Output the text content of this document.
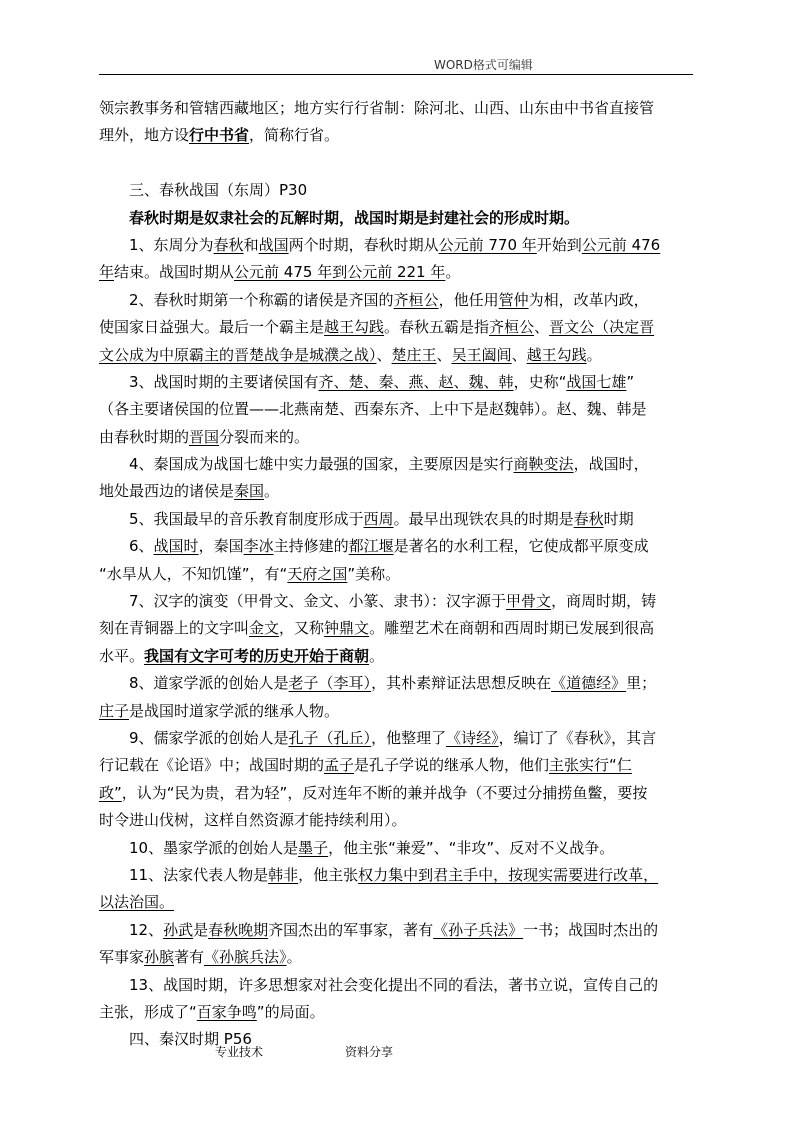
WORD格式可编辑
领宗教事务和管辖西藏地区；地方实行行省制：除河北、山西、山东由中书省直接管
理外，地方设行中书省，简称行省。
三、春秋战国（东周）P30
春秋时期是奴隶社会的瓦解时期，战国时期是封建社会的形成时期。
1、东周分为春秋和战国两个时期，春秋时期从公元前 770 年开始到公元前 476
年结束。战国时期从公元前 475 年到公元前 221 年。
2、春秋时期第一个称霸的诸侯是齐国的齐桓公，他任用管仲为相，改革内政，
使国家日益强大。最后一个霸主是越王勾践。春秋五霸是指齐桓公、晋文公（决定晋
文公成为中原霸主的晋楚战争是城濮之战）、楚庄王、吴王阖闾、越王勾践。
3、战国时期的主要诸侯国有齐、楚、秦、燕、赵、魏、韩，史称“战国七雄”
（各主要诸侯国的位置——北燕南楚、西秦东齐、上中下是赵魏韩）。赵、魏、韩是
由春秋时期的晋国分裂而来的。
4、秦国成为战国七雄中实力最强的国家，主要原因是实行商鞅变法，战国时，
地处最西边的诸侯是秦国。
5、我国最早的音乐教育制度形成于西周。最早出现铁农具的时期是春秋时期
6、战国时，秦国李冰主持修建的都江堰是著名的水利工程，它使成都平原变成
“水旱从人，不知饥馑”，有“天府之国”美称。
7、汉字的演变（甲骨文、金文、小篆、隶书）：汉字源于甲骨文，商周时期，铸
刻在青铜器上的文字叫金文，又称钟鼎文。雕塑艺术在商朝和西周时期已发展到很高
水平。我国有文字可考的历史开始于商朝。
8、道家学派的创始人是老子（李耳），其朴素辩证法思想反映在《道德经》里；
庄子是战国时道家学派的继承人物。
9、儒家学派的创始人是孔子（孔丘），他整理了《诗经》，编订了《春秋》，其言
行记载在《论语》中；战国时期的孟子是孔子学说的继承人物，他们主张实行“仁
政”，认为“民为贵，君为轻”，反对连年不断的兼并战争（不要过分捕捞鱼鳖，要按
时令进山伐树，这样自然资源才能持续利用）。
10、墨家学派的创始人是墨子，他主张“兼爱”、“非攻”、反对不义战争。
11、法家代表人物是韩非，他主张权力集中到君主手中，按现实需要进行改革，
以法治国。
12、孙武是春秋晚期齐国杰出的军事家，著有《孙子兵法》一书；战国时杰出的
军事家孙膑著有《孙膑兵法》。
13、战国时期，许多思想家对社会变化提出不同的看法，著书立说，宣传自己的
主张，形成了“百家争鸣”的局面。
四、秦汉时期 P56
专业技术	资料分享
